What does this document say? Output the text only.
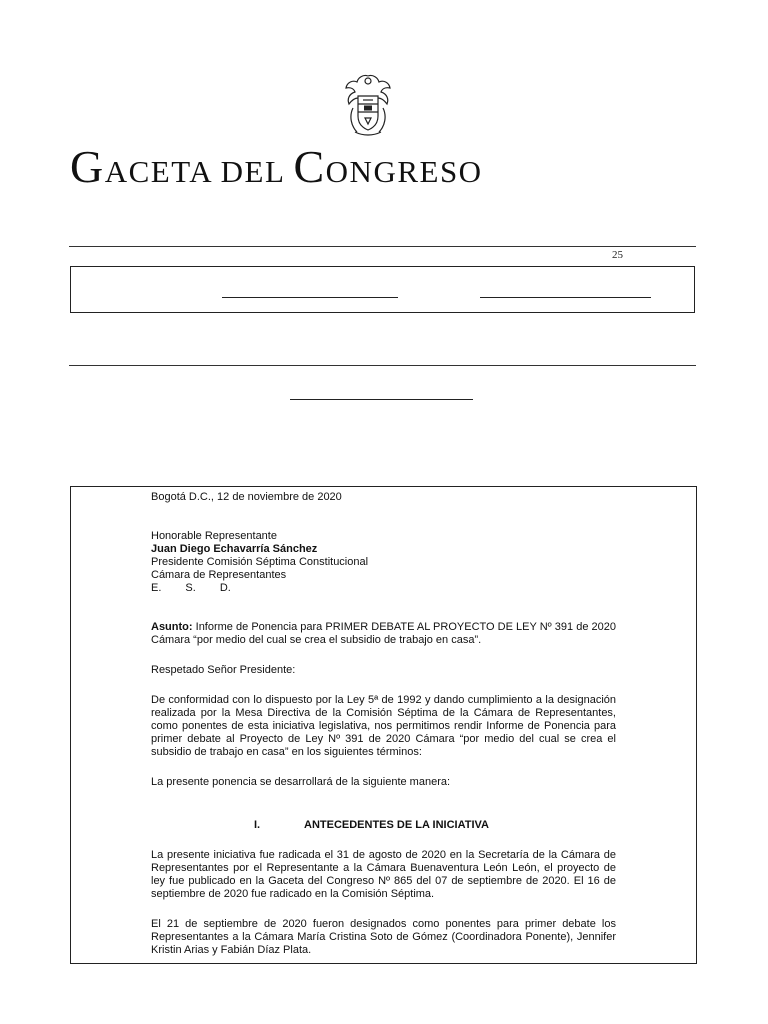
GACETA DEL CONGRESO
25

Bogotá D.C., 12 de noviembre de 2020

Honorable Representante

Juan Diego Echavarría Sánchez

Presidente Comisión Séptima Constitucional

Cámara de Representantes

E. S. D.

Asunto: Informe de Ponencia para PRIMER DEBATE AL PROYECTO DE LEY Nº 391 de 2020 Cámara “por medio del cual se crea el subsidio de trabajo en casa”.

Respetado Señor Presidente:

De conformidad con lo dispuesto por la Ley 5ª de 1992 y dando cumplimiento a la designación realizada por la Mesa Directiva de la Comisión Séptima de la Cámara de Representantes, como ponentes de esta iniciativa legislativa, nos permitimos rendir Informe de Ponencia para primer debate al Proyecto de Ley Nº 391 de 2020 Cámara “por medio del cual se crea el subsidio de trabajo en casa” en los siguientes términos:

La presente ponencia se desarrollará de la siguiente manera:

I.	ANTECEDENTES DE LA INICIATIVA

La presente iniciativa fue radicada el 31 de agosto de 2020 en la Secretaría de la Cámara de Representantes por el Representante a la Cámara Buenaventura León León, el proyecto de ley fue publicado en la Gaceta del Congreso Nº 865 del 07 de septiembre de 2020. El 16 de septiembre de 2020 fue radicado en la Comisión Séptima.

El 21 de septiembre de 2020 fueron designados como ponentes para primer debate los Representantes a la Cámara María Cristina Soto de Gómez (Coordinadora Ponente), Jennifer Kristin Arias y Fabián Díaz Plata.
